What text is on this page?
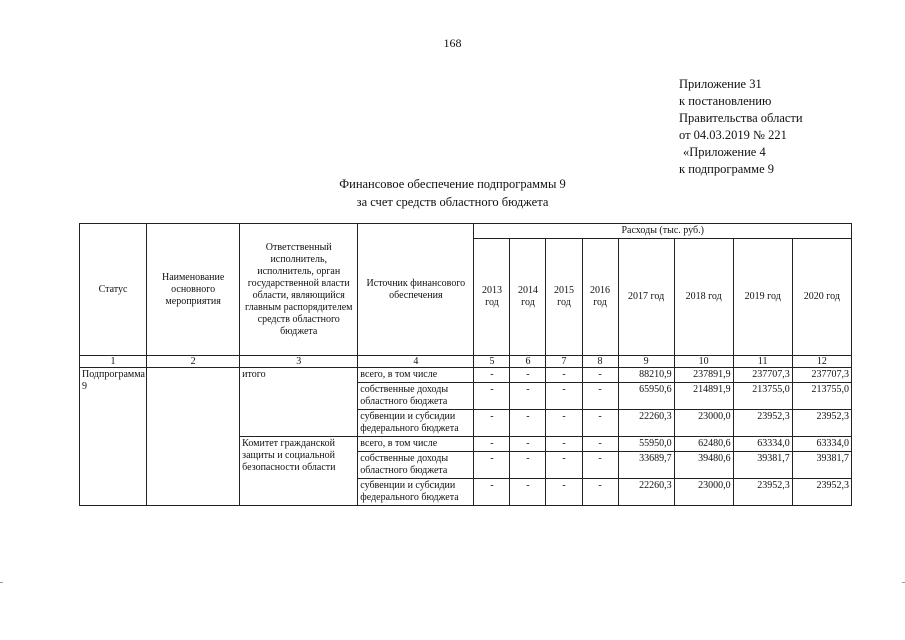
168
Приложение 31
к постановлению
Правительства области
от 04.03.2019 № 221
«Приложение 4
к подпрограмме 9
Финансовое обеспечение подпрограммы 9
за счет средств областного бюджета
Статус	Наименование основного мероприятия	Ответственный исполнитель, исполнитель, орган государственной власти области, являющийся главным распорядителем средств областного бюджета	Источник финансового обеспечения	Расходы (тыс. руб.)							
				2013 год	2014 год	2015 год	2016 год	2017 год	2018 год	2019 год	2020 год
1	2	3	4	5	6	7	8	9	10	11	12
Подпрограмма 9		итого	всего, в том числе	-	-	-	-	88210,9	237891,9	237707,3	237707,3
			собственные доходы областного бюджета	-	-	-	-	65950,6	214891,9	213755,0	213755,0
			субвенции и субсидии федерального бюджета	-	-	-	-	22260,3	23000,0	23952,3	23952,3
		Комитет гражданской защиты и социальной безопасности области	всего, в том числе	-	-	-	-	55950,0	62480,6	63334,0	63334,0
			собственные доходы областного бюджета	-	-	-	-	33689,7	39480,6	39381,7	39381,7
			субвенции и субсидии федерального бюджета	-	-	-	-	22260,3	23000,0	23952,3	23952,3
